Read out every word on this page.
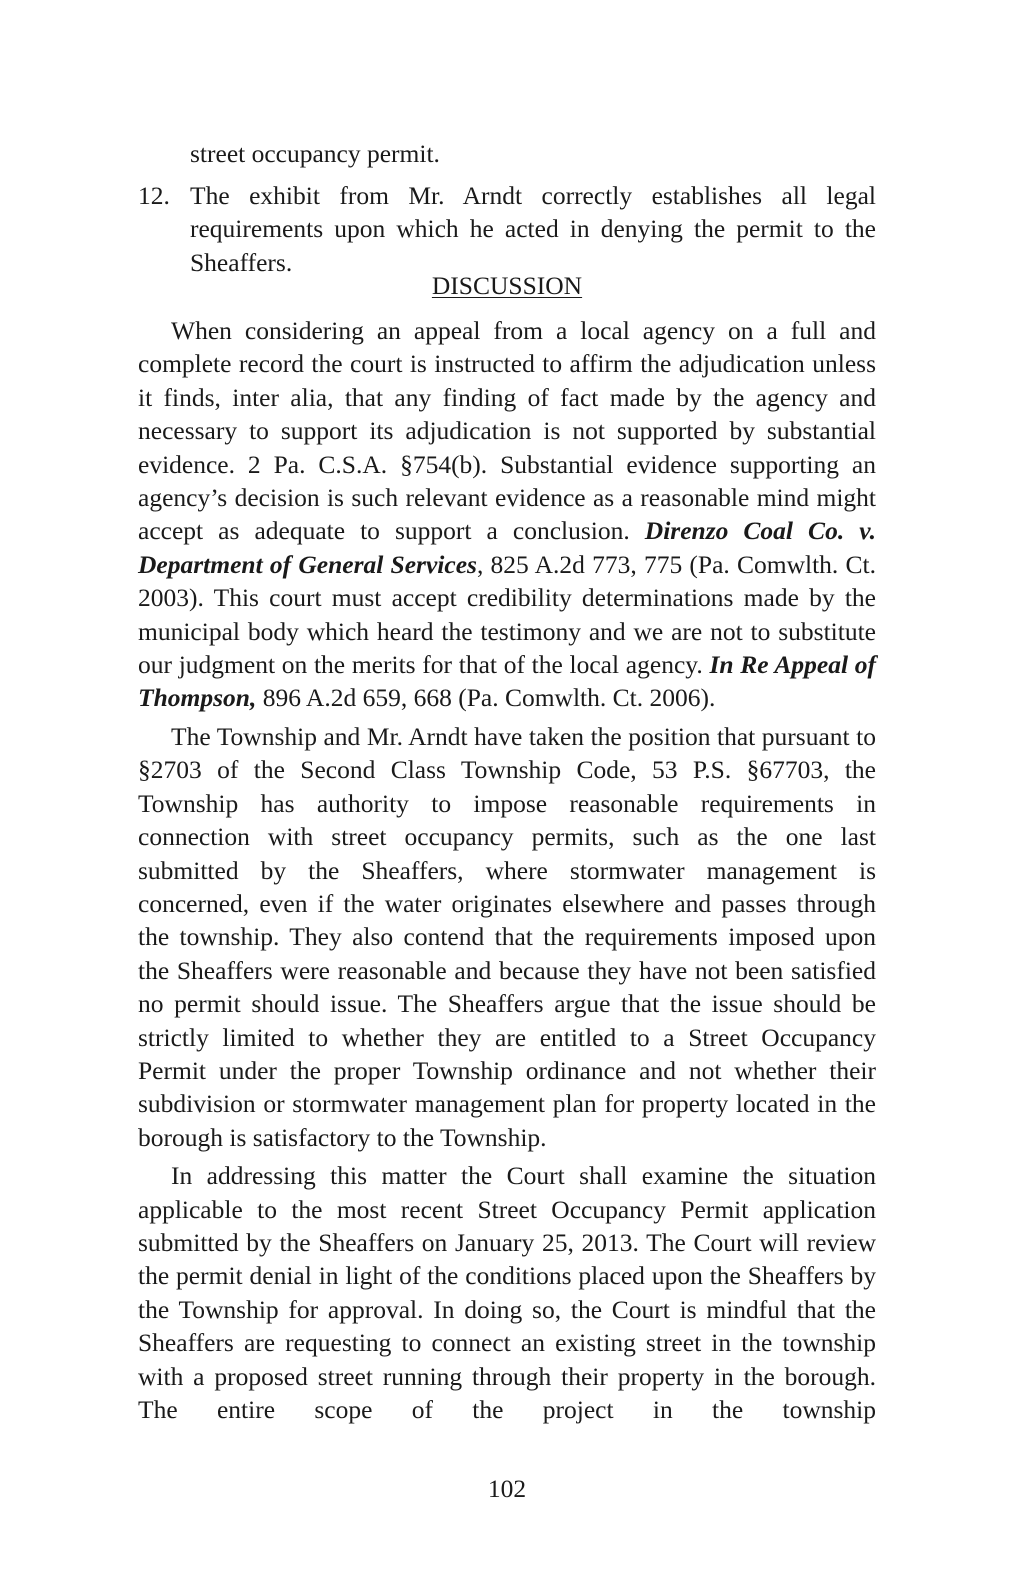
street occupancy permit.

12. The exhibit from Mr. Arndt correctly establishes all legal requirements upon which he acted in denying the permit to the Sheaffers.

DISCUSSION

When considering an appeal from a local agency on a full and complete record the court is instructed to affirm the adjudication unless it finds, inter alia, that any finding of fact made by the agency and necessary to support its adjudication is not supported by substantial evidence. 2 Pa. C.S.A. §754(b). Substantial evidence supporting an agency’s decision is such relevant evidence as a reasonable mind might accept as adequate to support a conclusion. Direnzo Coal Co. v. Department of General Services, 825 A.2d 773, 775 (Pa. Comwlth. Ct. 2003). This court must accept credibility determinations made by the municipal body which heard the testimony and we are not to substitute our judgment on the merits for that of the local agency. In Re Appeal of Thompson, 896 A.2d 659, 668 (Pa. Comwlth. Ct. 2006).

The Township and Mr. Arndt have taken the position that pursuant to §2703 of the Second Class Township Code, 53 P.S. §67703, the Township has authority to impose reasonable requirements in connection with street occupancy permits, such as the one last submitted by the Sheaffers, where stormwater management is concerned, even if the water originates elsewhere and passes through the township. They also contend that the requirements imposed upon the Sheaffers were reasonable and because they have not been satisfied no permit should issue. The Sheaffers argue that the issue should be strictly limited to whether they are entitled to a Street Occupancy Permit under the proper Township ordinance and not whether their subdivision or stormwater management plan for property located in the borough is satisfactory to the Township.

In addressing this matter the Court shall examine the situation applicable to the most recent Street Occupancy Permit application submitted by the Sheaffers on January 25, 2013. The Court will review the permit denial in light of the conditions placed upon the Sheaffers by the Township for approval. In doing so, the Court is mindful that the Sheaffers are requesting to connect an existing street in the township with a proposed street running through their property in the borough. The entire scope of the project in the township

102
